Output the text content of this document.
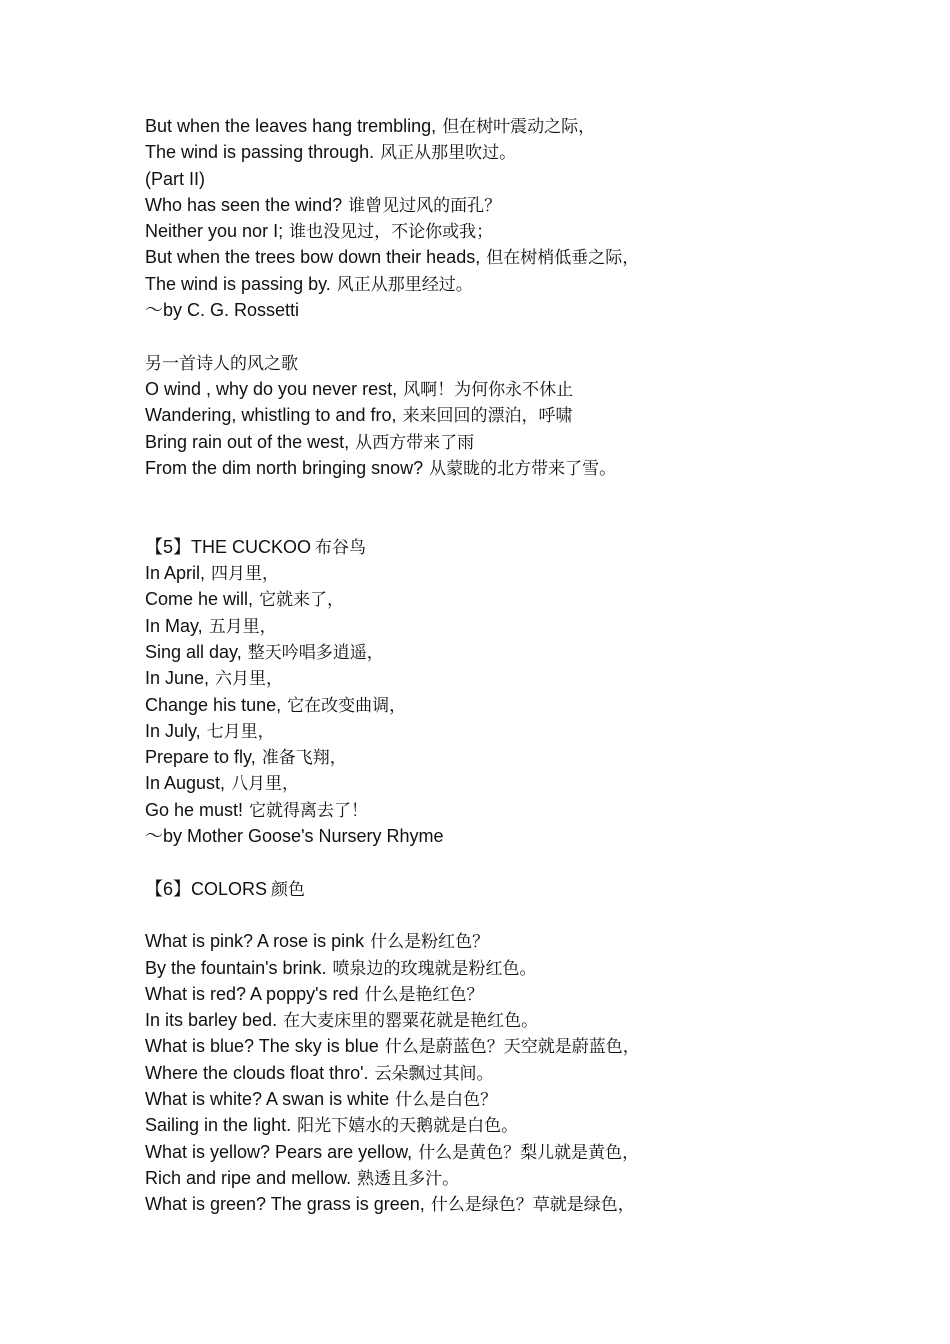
But when the leaves hang trembling, 但在树叶震动之际，
The wind is passing through. 风正从那里吹过。
(Part II)
Who has seen the wind? 谁曾见过风的面孔？
Neither you nor I; 谁也没见过，不论你或我；
But when the trees bow down their heads, 但在树梢低垂之际，
The wind is passing by. 风正从那里经过。
～by C. G. Rossetti
另一首诗人的风之歌
O wind , why do you never rest, 风啊！为何你永不休止
Wandering, whistling to and fro, 来来回回的漂泊，呼啸
Bring rain out of the west, 从西方带来了雨
From the dim north bringing snow? 从蒙眬的北方带来了雪。
【5】THE CUCKOO 布谷鸟
In April, 四月里，
Come he will, 它就来了，
In May, 五月里，
Sing all day, 整天吟唱多逍遥，
In June, 六月里，
Change his tune, 它在改变曲调，
In July, 七月里，
Prepare to fly, 准备飞翔，
In August, 八月里，
Go he must! 它就得离去了！
～by Mother Goose's Nursery Rhyme
【6】COLORS 颜色
What is pink? A rose is pink 什么是粉红色？
By the fountain's brink. 喷泉边的玫瑰就是粉红色。
What is red? A poppy's red 什么是艳红色？
In its barley bed. 在大麦床里的罂粟花就是艳红色。
What is blue? The sky is blue 什么是蔚蓝色？天空就是蔚蓝色，
Where the clouds float thro'. 云朵飘过其间。
What is white? A swan is white 什么是白色？
Sailing in the light. 阳光下嬉水的天鹅就是白色。
What is yellow? Pears are yellow, 什么是黄色？梨儿就是黄色，
Rich and ripe and mellow. 熟透且多汁。
What is green? The grass is green, 什么是绿色？草就是绿色，
